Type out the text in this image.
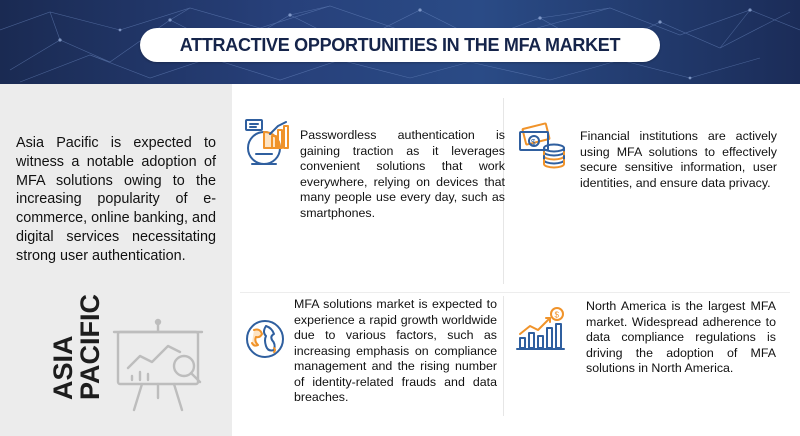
ATTRACTIVE OPPORTUNITIES IN THE MFA MARKET
Asia Pacific is expected to witness a notable adoption of MFA solutions owing to the increasing popularity of e-commerce, online banking, and digital services necessitating strong user authentication.
ASIA
PACIFIC
Passwordless authentication is gaining traction as it leverages convenient solutions that work everywhere, relying on devices that many people use every day, such as smartphones.
$	Financial institutions are actively using MFA solutions to effectively secure sensitive information, user identities, and ensure data privacy.
MFA solutions market is expected to experience a rapid growth worldwide due to various factors, such as increasing emphasis on compliance management and the rising number of identity-related frauds and data breaches.
$
North America is the largest MFA market. Widespread adherence to data compliance regulations is driving the adoption of MFA solutions in North America.
